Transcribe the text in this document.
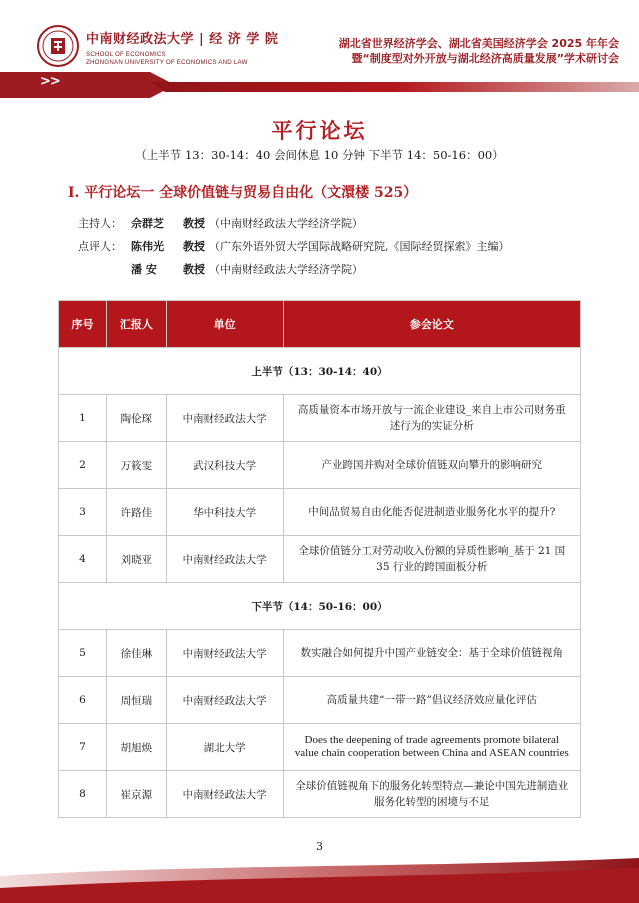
中南财经政法大学 | 经 济 学 院
SCHOOL OF ECONOMICS
ZHONGNAN UNIVERSITY OF ECONOMICS AND LAW
湖北省世界经济学会、湖北省美国经济学会 2025 年年会
暨“制度型对外开放与湖北经济高质量发展”学术研讨会
>>
平行论坛
（上半节 13：30-14：40 会间休息 10 分钟 下半节 14：50-16：00）
I. 平行论坛一 全球价值链与贸易自由化（文澴楼 525）
主持人： 佘群芝 教授 （中南财经政法大学经济学院）
点评人： 陈伟光 教授 （广东外语外贸大学国际战略研究院,《国际经贸探索》主编）
潘 安 教授 （中南财经政法大学经济学院）
序号	汇报人	单位	参会论文
上半节（13：30-14：40）			
1	陶伦琛	中南财经政法大学	高质量资本市场开放与一流企业建设_来自上市公司财务重述行为的实证分析
2	万筱雯	武汉科技大学	产业跨国并购对全球价值链双向攀升的影响研究
3	许路佳	华中科技大学	中间品贸易自由化能否促进制造业服务化水平的提升?
4	刘晓亚	中南财经政法大学	全球价值链分工对劳动收入份额的异质性影响_基于 21 国 35 行业的跨国面板分析
下半节（14：50-16：00）			
5	徐佳琳	中南财经政法大学	数实融合如何提升中国产业链安全：基于全球价值链视角
6	周恒瑞	中南财经政法大学	高质量共建“一带一路”倡议经济效应量化评估
7	胡旭焕	湖北大学	Does the deepening of trade agreements promote bilateral value chain cooperation between China and ASEAN countries
8	崔京源	中南财经政法大学	全球价值链视角下的服务化转型特点—兼论中国先进制造业服务化转型的困境与不足
3
